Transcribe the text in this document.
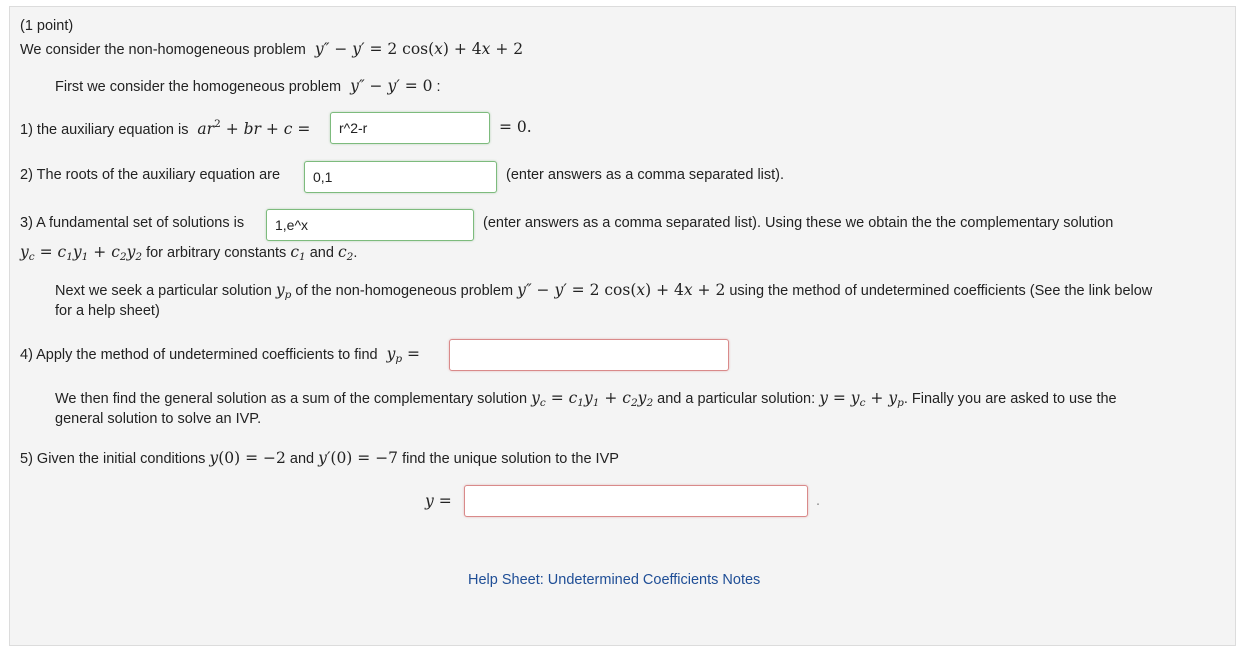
(1 point)
We consider the non-homogeneous problem  y″ − y′ = 2 cos(x) + 4x + 2
First we consider the homogeneous problem  y″ − y′ = 0 :
1) the auxiliary equation is  $ar^2$ + br + c =	r^2-r	= 0.
2) The roots of the auxiliary equation are	0,1	(enter answers as a comma separated list).
3) A fundamental set of solutions is	1,e^x	(enter answers as a comma separated list). Using these we obtain the the complementary solution
$y_c = c_1y_1 + c_2y_2$ for arbitrary constants $c_1$ and $c_2$.
Next we seek a particular solution $y_p$ of the non-homogeneous problem y″ − y′ = 2 cos(x) + 4x + 2 using the method of undetermined coefficients (See the link below
for a help sheet)
4) Apply the method of undetermined coefficients to find  $y_p$ =
We then find the general solution as a sum of the complementary solution $y_c = c_1y_1 + c_2y_2$ and a particular solution: $y = y_c + y_p$. Finally you are asked to use the
general solution to solve an IVP.
5) Given the initial conditions y(0) = −2 and y′(0) = −7 find the unique solution to the IVP
y =	.
Help Sheet: Undetermined Coefficients Notes
